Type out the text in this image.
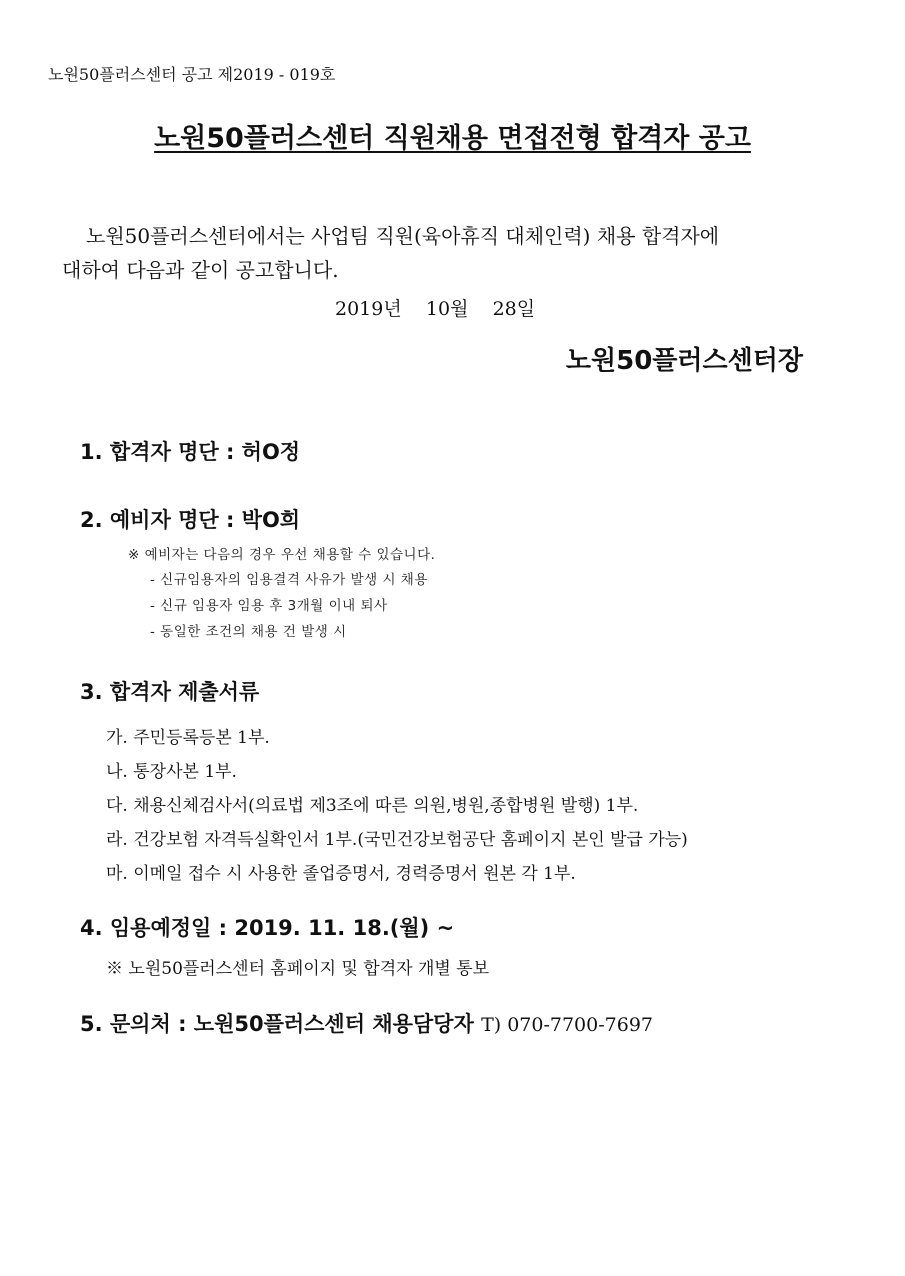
노원50플러스센터 공고 제2019 - 019호
노원50플러스센터 직원채용 면접전형 합격자 공고
노원50플러스센터에서는 사업팀 직원(육아휴직 대체인력) 채용 합격자에
대하여 다음과 같이 공고합니다.
2019년 10월 28일
노원50플러스센터장
1. 합격자 명단 : 허O정
2. 예비자 명단 : 박O희
※ 예비자는 다음의 경우 우선 채용할 수 있습니다.
- 신규임용자의 임용결격 사유가 발생 시 채용
- 신규 임용자 임용 후 3개월 이내 퇴사
- 동일한 조건의 채용 건 발생 시
3. 합격자 제출서류
가. 주민등록등본 1부.
나. 통장사본 1부.
다. 채용신체검사서(의료법 제3조에 따른 의원,병원,종합병원 발행) 1부.
라. 건강보험 자격득실확인서 1부.(국민건강보험공단 홈페이지 본인 발급 가능)
마. 이메일 접수 시 사용한 졸업증명서, 경력증명서 원본 각 1부.
4. 임용예정일 : 2019. 11. 18.(월) ~
※ 노원50플러스센터 홈페이지 및 합격자 개별 통보
5. 문의처 : 노원50플러스센터 채용담당자 T) 070-7700-7697
